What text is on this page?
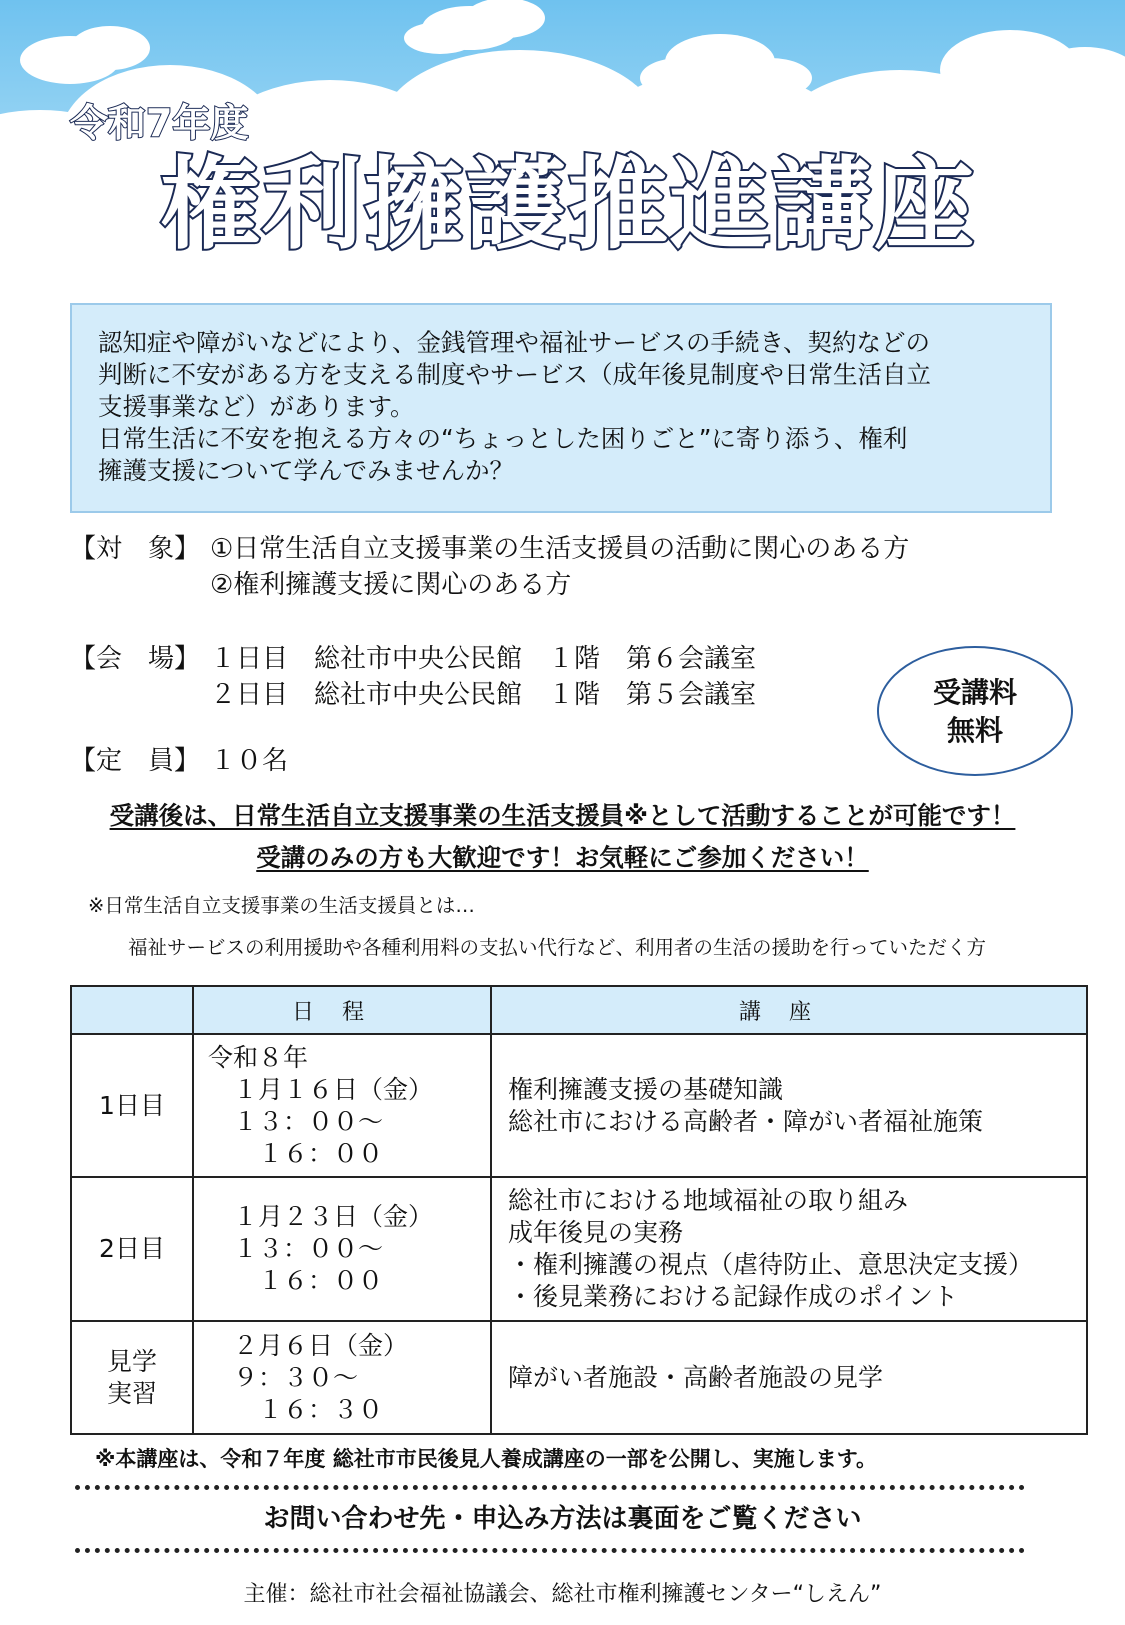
令和7年度
権利擁護推進講座

認知症や障がいなどにより、金銭管理や福祉サービスの手続き、契約などの

判断に不安がある方を支える制度やサービス（成年後見制度や日常生活自立

支援事業など）があります。

日常生活に不安を抱える方々の“ちょっとした困りごと”に寄り添う、権利

擁護支援について学んでみませんか？

【対　象】 ①日常生活自立支援事業の生活支援員の活動に関心のある方
②権利擁護支援に関心のある方
【会　場】 １日目　総社市中央公民館　１階　第６会議室
２日目　総社市中央公民館　１階　第５会議室
【定　員】 １０名
受講料
無料

受講後は、日常生活自立支援事業の生活支援員※として活動することが可能です！

受講のみの方も大歓迎です！お気軽にご参加ください！

※日常生活自立支援事業の生活支援員とは…

福祉サービスの利用援助や各種利用料の支払い代行など、利用者の生活の援助を行っていただく方

	日程	講座
1日目	令和８年
　１月１６日（金）
　１３：００～
　　１６：００	権利擁護支援の基礎知識
総社市における高齢者・障がい者福祉施策
2日目	　１月２３日（金）
　１３：００～
　　１６：００	総社市における地域福祉の取り組み
成年後見の実務
・権利擁護の視点（虐待防止、意思決定支援）
・後見業務における記録作成のポイント
見学
実習	　２月６日（金）
　９：３０～
　　１６：３０	障がい者施設・高齢者施設の見学

※本講座は、令和７年度 総社市市民後見人養成講座の一部を公開し、実施します。

お問い合わせ先・申込み方法は裏面をご覧ください

主催：総社市社会福祉協議会、総社市権利擁護センター“しえん”
